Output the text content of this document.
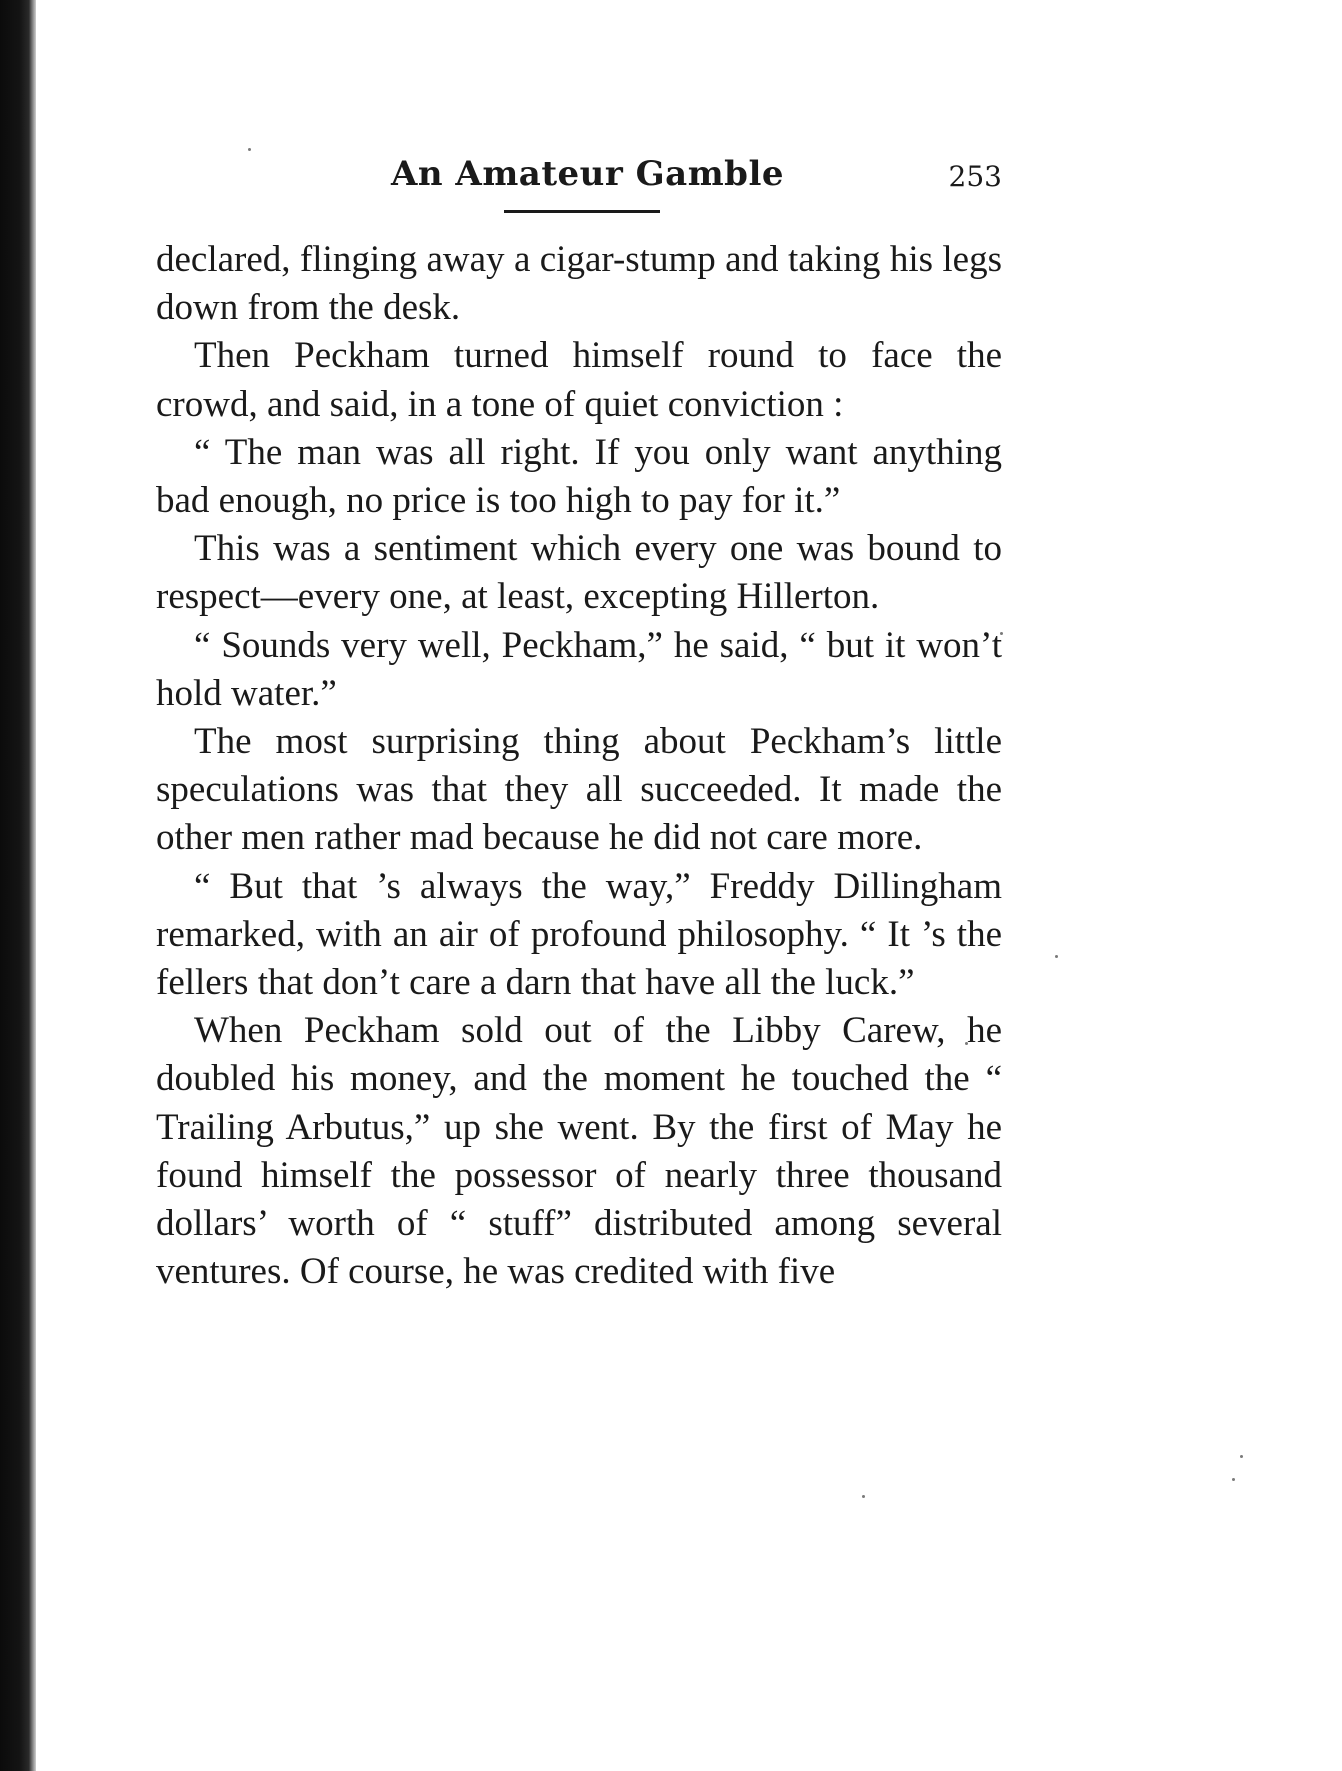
An Amateur Gamble	253

declared, flinging away a cigar-stump and taking his legs down from the desk.

Then Peckham turned himself round to face the crowd, and said, in a tone of quiet conviction :

“ The man was all right. If you only want anything bad enough, no price is too high to pay for it.”

This was a sentiment which every one was bound to respect—every one, at least, excepting Hillerton.

“ Sounds very well, Peckham,” he said, “ but it won’t hold water.”

The most surprising thing about Peckham’s little speculations was that they all succeeded. It made the other men rather mad because he did not care more.

“ But that ’s always the way,” Freddy Dillingham remarked, with an air of profound philosophy. “ It ’s the fellers that don’t care a darn that have all the luck.”

When Peckham sold out of the Libby Carew, he doubled his money, and the moment he touched the “ Trailing Arbutus,” up she went. By the first of May he found himself the possessor of nearly three thousand dollars’ worth of “ stuff” distributed among several ventures. Of course, he was credited with five
